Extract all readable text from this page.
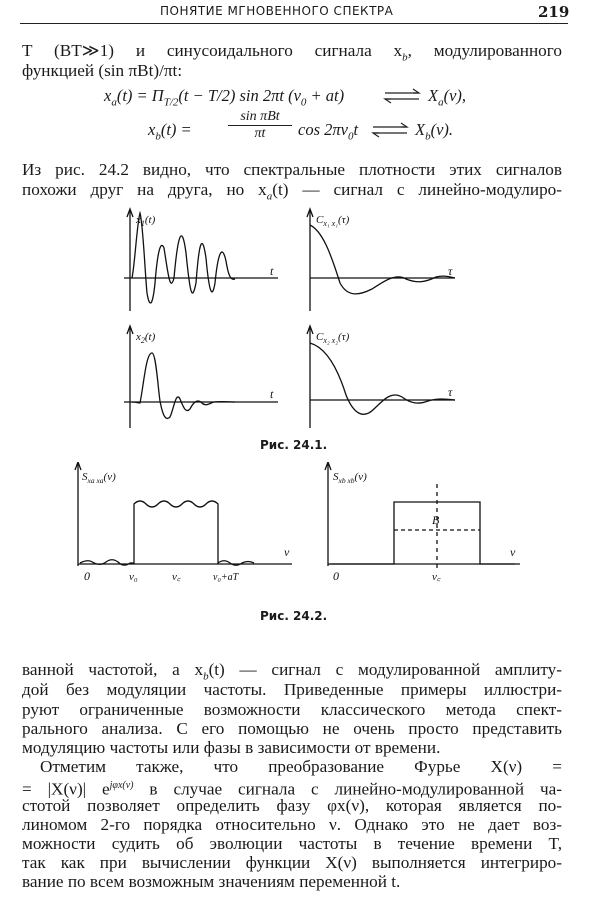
ПОНЯТИЕ МГНОВЕННОГО СПЕКТРА	219
T (BT≫1) и синусоидального сигнала $x_b$, модулированного
функцией (sin πBt)/πt:
$x_a(t) = \Pi_{T/2}(t - T/2)$ sin 2πt $(\nu_0 + at)$	$X_a(\nu)$,
$x_b(t)$ =
sin πBt
πt	$\cos 2\pi\nu_0t$	$X_b(\nu)$.
Из рис. 24.2 видно, что спектральные плотности этих сигналов
похожи друг на друга, но $x_a(t)$ — сигнал с линейно-модулиро-
$x_1(t)$
t
$C_{x_1 x_1}(\tau)$
τ
$x_2(t)$
t
$C_{x_2 x_2}(\tau)$
τ
Рис. 24.1.
$S_{xa xa}(\nu)$
ν
0	ν₀	ν꜀	ν₀+aT
$S_{xb xb}(\nu)$
ν
0	ν꜀
B
Рис. 24.2.
ванной частотой, а $x_b(t)$ — сигнал с модулированной амплиту-
дой без модуляции частоты. Приведенные примеры иллюстри-
руют ограниченные возможности классического метода спект-
рального анализа. С его помощью не очень просто представить
модуляцию частоты или фазы в зависимости от времени.
Отметим также, что преобразование Фурье X(ν) =
= |X(ν)| $e^{j\varphi x(\nu)}$ в случае сигнала с линейно-модулированной ча-
стотой позволяет определить фазу φx(ν), которая является по-
линомом 2-го порядка относительно ν. Однако это не дает воз-
можности судить об эволюции частоты в течение времени T,
так как при вычислении функции X(ν) выполняется интегриро-
вание по всем возможным значениям переменной t.
